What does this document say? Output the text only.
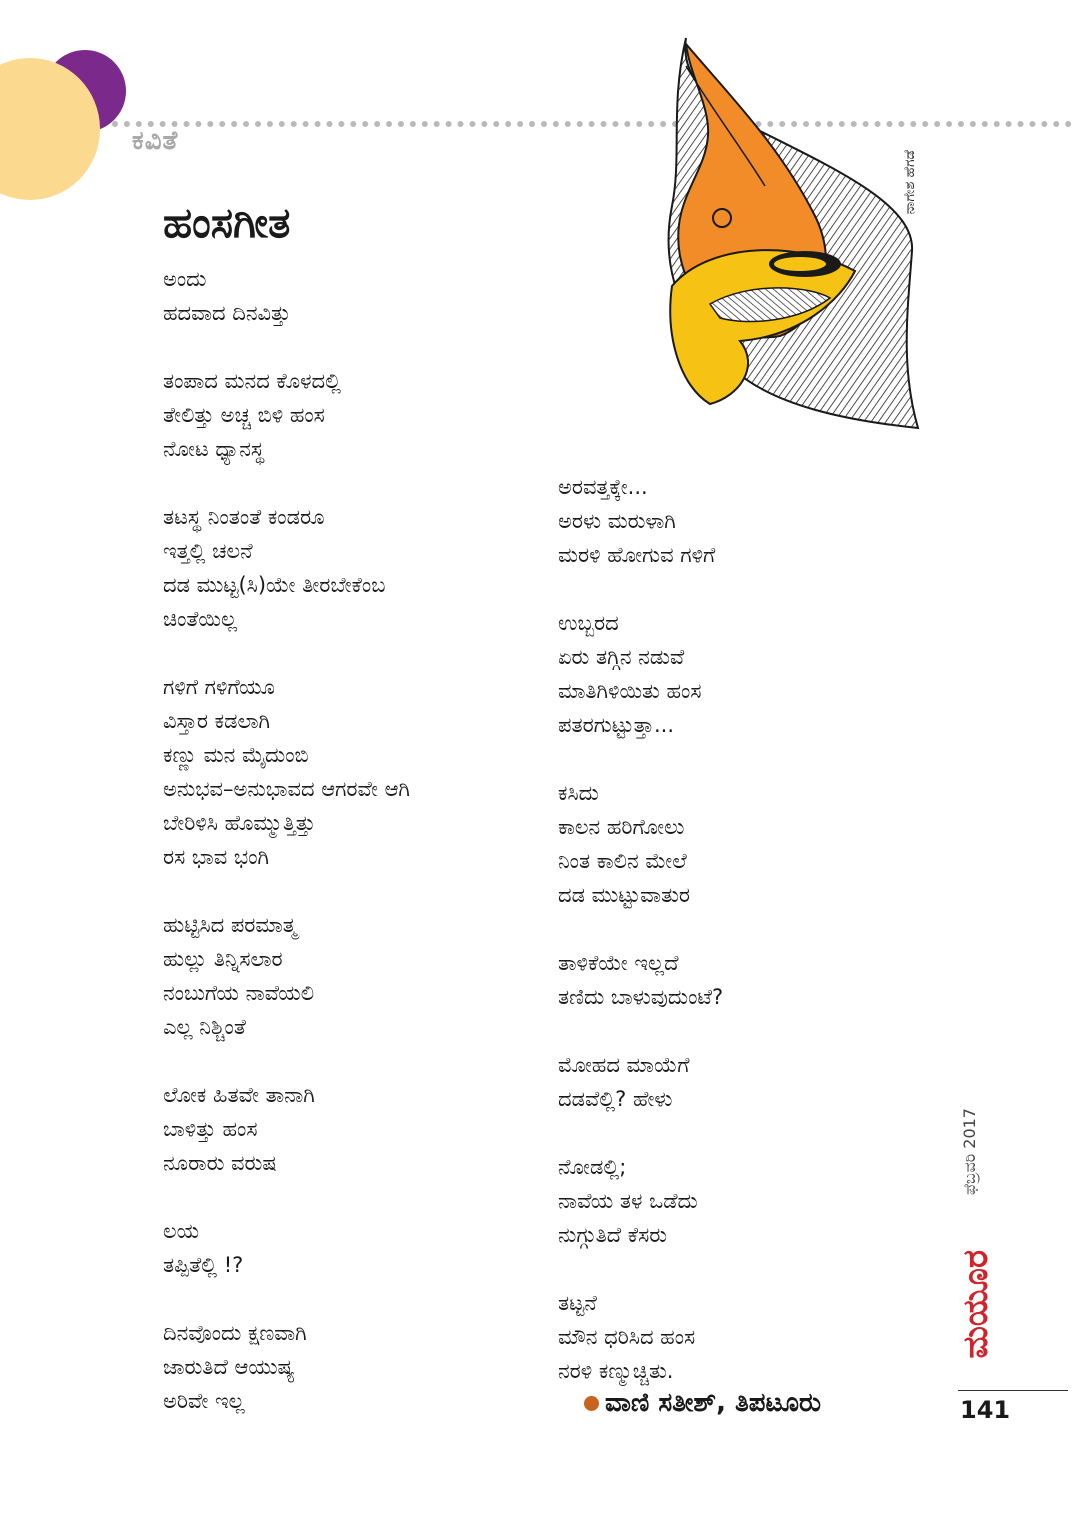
ಕವಿತೆ
ಹಂಸಗೀತ
ನಾಗೇಶ ಹೆಗಡೆ
ಅಂದು
ಹದವಾದ ದಿನವಿತ್ತು
ತಂಪಾದ ಮನದ ಕೊಳದಲ್ಲಿ
ತೇಲಿತ್ತು ಅಚ್ಚ ಬಿಳಿ ಹಂಸ
ನೋಟ ಧ್ಯಾನಸ್ಥ
ತಟಸ್ಥ ನಿಂತಂತೆ ಕಂಡರೂ
ಇತ್ತಲ್ಲಿ ಚಲನೆ
ದಡ ಮುಟ್ಟ(ಸಿ)ಯೇ ತೀರಬೇಕೆಂಬ
ಚಿಂತೆಯಿಲ್ಲ
ಗಳಿಗೆ ಗಳಿಗೆಯೂ
ವಿಸ್ತಾರ ಕಡಲಾಗಿ
ಕಣ್ಣು ಮನ ಮೈದುಂಬಿ
ಅನುಭವ–ಅನುಭಾವದ ಆಗರವೇ ಆಗಿ
ಬೇರಿಳಿಸಿ ಹೊಮ್ಮುತ್ತಿತ್ತು
ರಸ ಭಾವ ಭಂಗಿ
ಹುಟ್ಟಿಸಿದ ಪರಮಾತ್ಮ
ಹುಲ್ಲು ತಿನ್ನಿಸಲಾರ
ನಂಬುಗೆಯ ನಾವೆಯಲಿ
ಎಲ್ಲ ನಿಶ್ಚಿಂತೆ
ಲೋಕ ಹಿತವೇ ತಾನಾಗಿ
ಬಾಳಿತ್ತು ಹಂಸ
ನೂರಾರು ವರುಷ
ಲಯ
ತಪ್ಪಿತೆಲ್ಲಿ !?
ದಿನವೊಂದು ಕ್ಷಣವಾಗಿ
ಜಾರುತಿದೆ ಆಯುಷ್ಯ
ಅರಿವೇ ಇಲ್ಲ
ಅರವತ್ತಕ್ಕೇ...
ಅರಳು ಮರುಳಾಗಿ
ಮರಳಿ ಹೋಗುವ ಗಳಿಗೆ
ಉಬ್ಬರದ
ಏರು ತಗ್ಗಿನ ನಡುವೆ
ಮಾತಿಗಿಳಿಯಿತು ಹಂಸ
ಪತರಗುಟ್ಟುತ್ತಾ...
ಕಸಿದು
ಕಾಲನ ಹರಿಗೋಲು
ನಿಂತ ಕಾಲಿನ ಮೇಲೆ
ದಡ ಮುಟ್ಟುವಾತುರ
ತಾಳಿಕೆಯೇ ಇಲ್ಲದೆ
ತಣಿದು ಬಾಳುವುದುಂಟೆ?
ಮೋಹದ ಮಾಯೆಗೆ
ದಡವೆಲ್ಲಿ? ಹೇಳು
ನೋಡಲ್ಲಿ;
ನಾವೆಯ ತಳ ಒಡೆದು
ನುಗ್ಗುತಿದೆ ಕೆಸರು
ತಟ್ಟನೆ
ಮೌನ ಧರಿಸಿದ ಹಂಸ
ನರಳಿ ಕಣ್ಮುಚ್ಚಿತು.
ವಾಣಿ ಸತೀಶ್, ತಿಪಟೂರು
ಫೆಬ್ರವರಿ 2017
ಮಯೂರ
141
